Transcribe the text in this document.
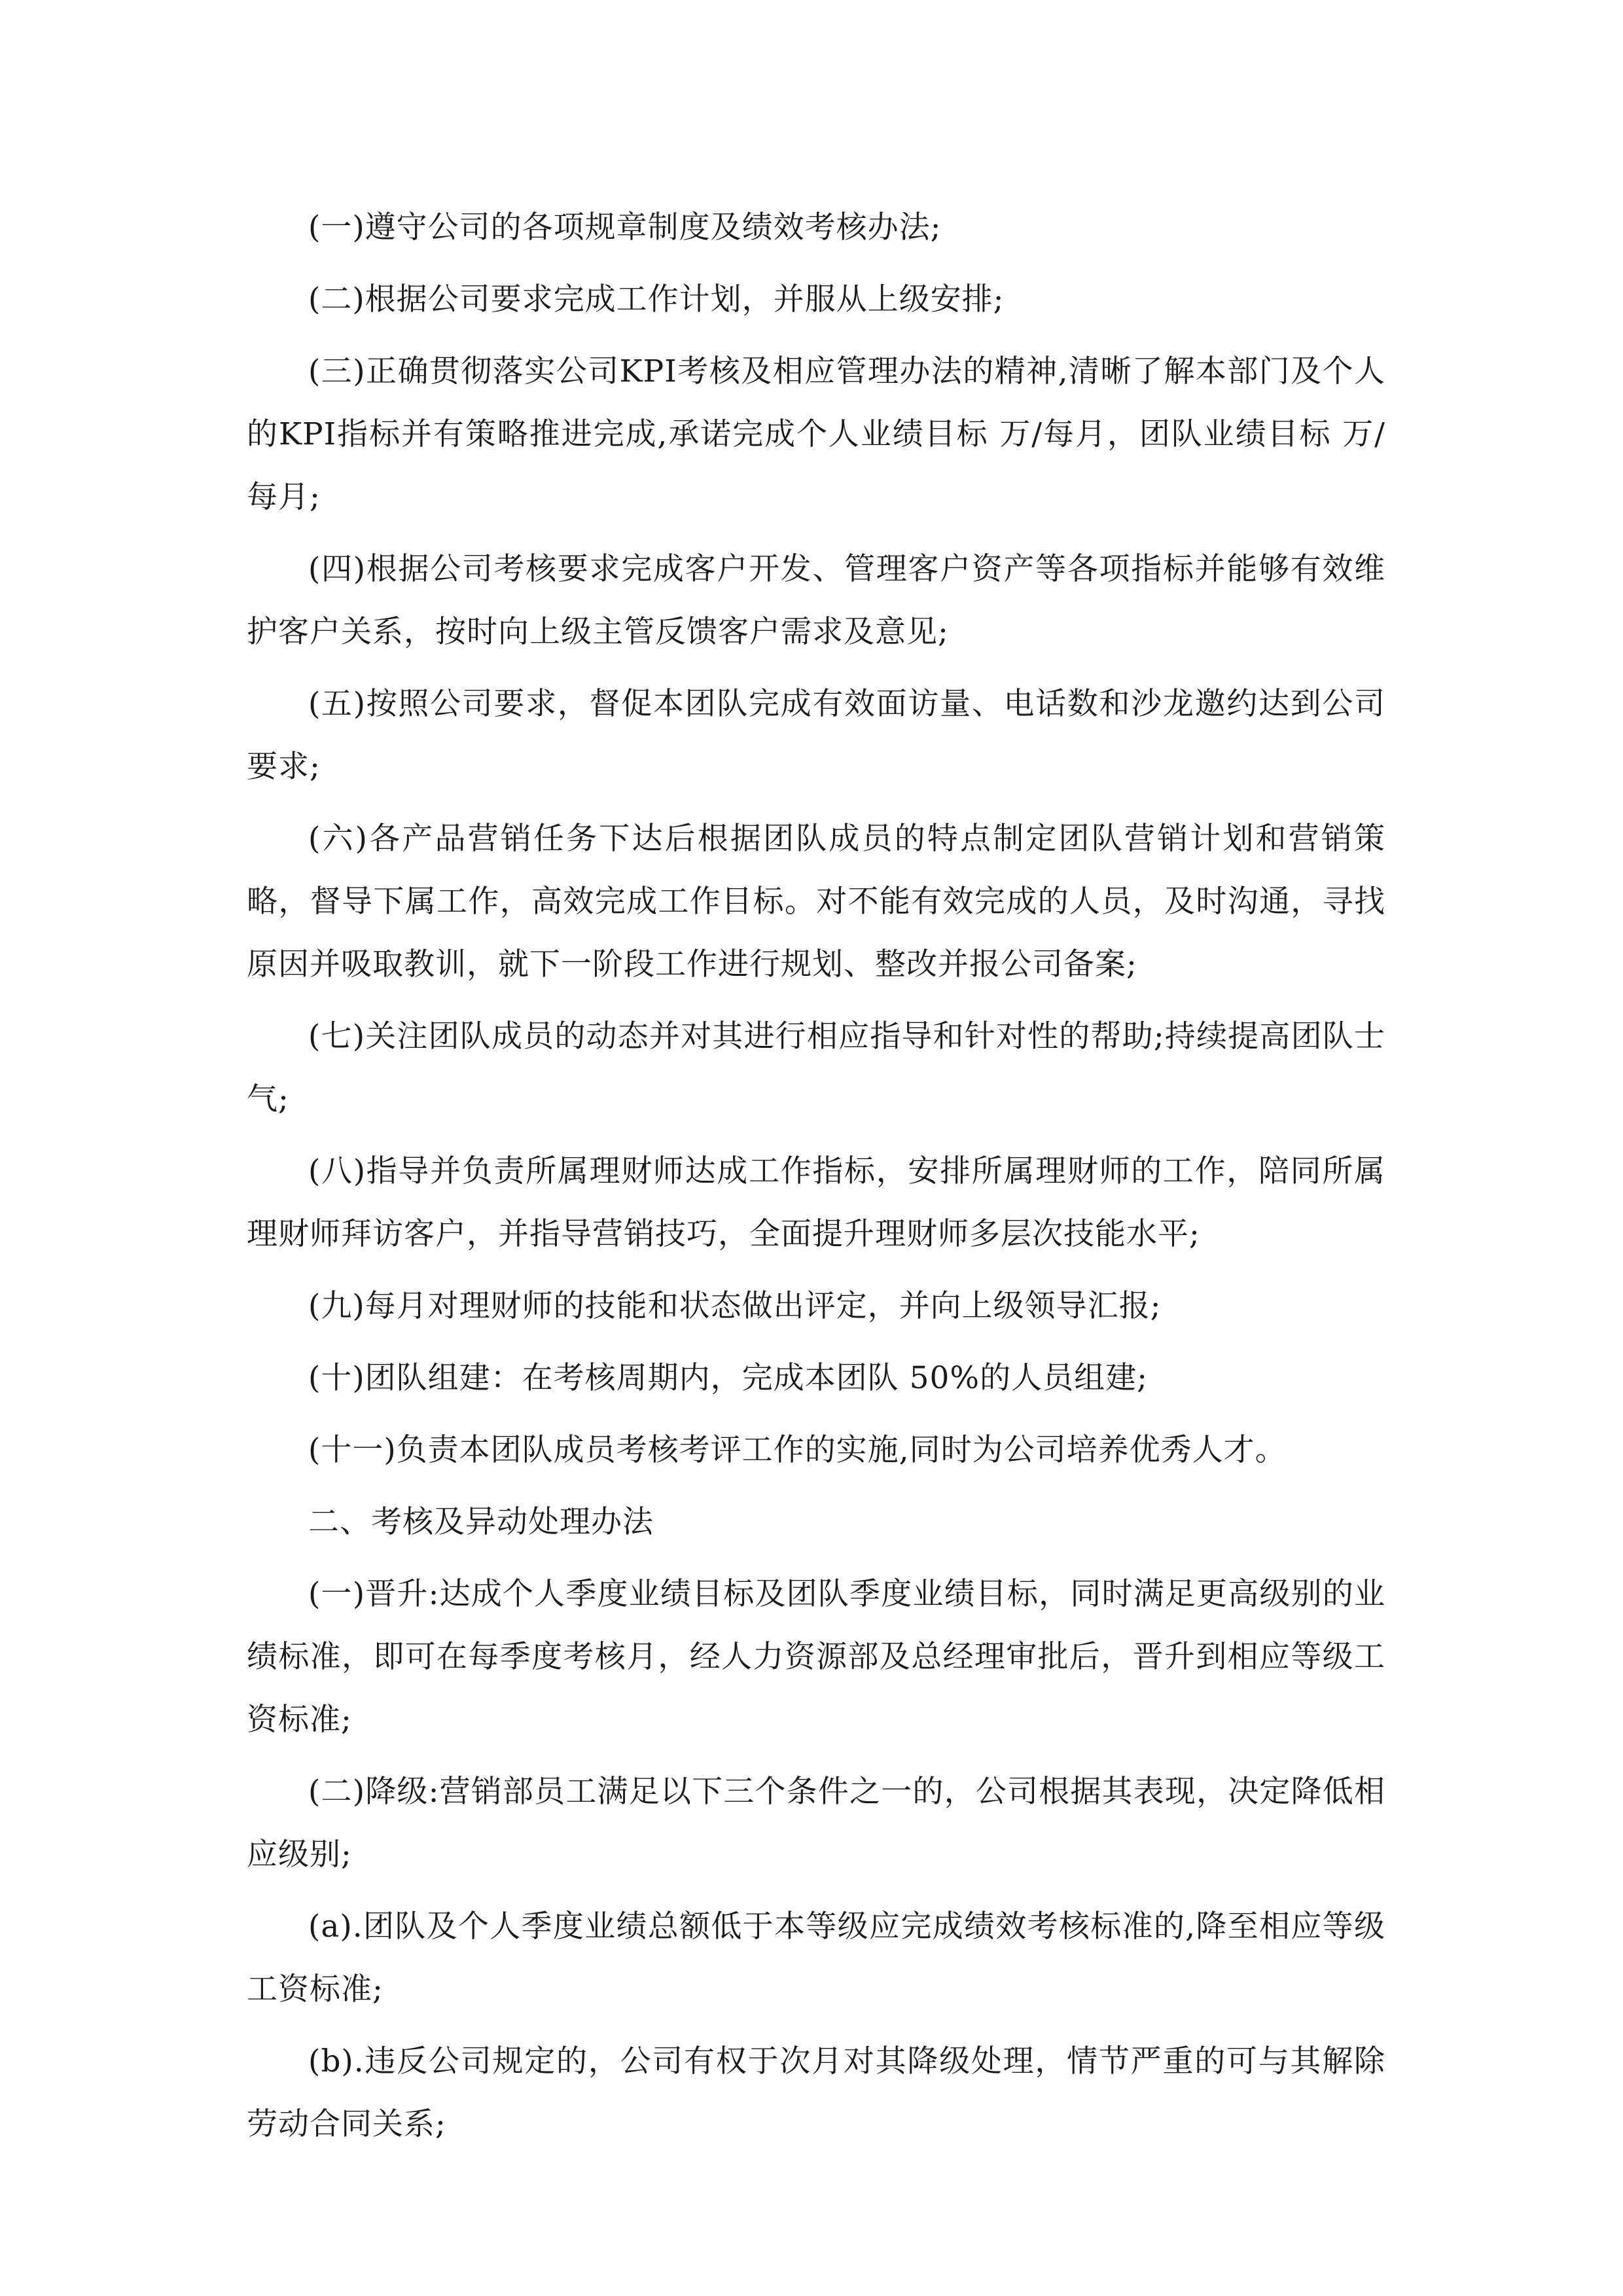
(一)遵守公司的各项规章制度及绩效考核办法;

(二)根据公司要求完成工作计划，并服从上级安排;

(三)正确贯彻落实公司KPI考核及相应管理办法的精神,清晰了解本部门及个人的KPI指标并有策略推进完成,承诺完成个人业绩目标 万/每月，团队业绩目标 万/每月;

(四)根据公司考核要求完成客户开发、管理客户资产等各项指标并能够有效维护客户关系，按时向上级主管反馈客户需求及意见;

(五)按照公司要求，督促本团队完成有效面访量、电话数和沙龙邀约达到公司要求;

(六)各产品营销任务下达后根据团队成员的特点制定团队营销计划和营销策略，督导下属工作，高效完成工作目标。对不能有效完成的人员，及时沟通，寻找原因并吸取教训，就下一阶段工作进行规划、整改并报公司备案;

(七)关注团队成员的动态并对其进行相应指导和针对性的帮助;持续提高团队士气;

(八)指导并负责所属理财师达成工作指标，安排所属理财师的工作，陪同所属理财师拜访客户，并指导营销技巧，全面提升理财师多层次技能水平;

(九)每月对理财师的技能和状态做出评定，并向上级领导汇报;

(十)团队组建：在考核周期内，完成本团队 50%的人员组建;

(十一)负责本团队成员考核考评工作的实施,同时为公司培养优秀人才。

二、考核及异动处理办法

(一)晋升:达成个人季度业绩目标及团队季度业绩目标，同时满足更高级别的业绩标准，即可在每季度考核月，经人力资源部及总经理审批后，晋升到相应等级工资标准;

(二)降级:营销部员工满足以下三个条件之一的，公司根据其表现，决定降低相应级别;

(a).团队及个人季度业绩总额低于本等级应完成绩效考核标准的,降至相应等级工资标准;

(b).违反公司规定的，公司有权于次月对其降级处理，情节严重的可与其解除劳动合同关系;
